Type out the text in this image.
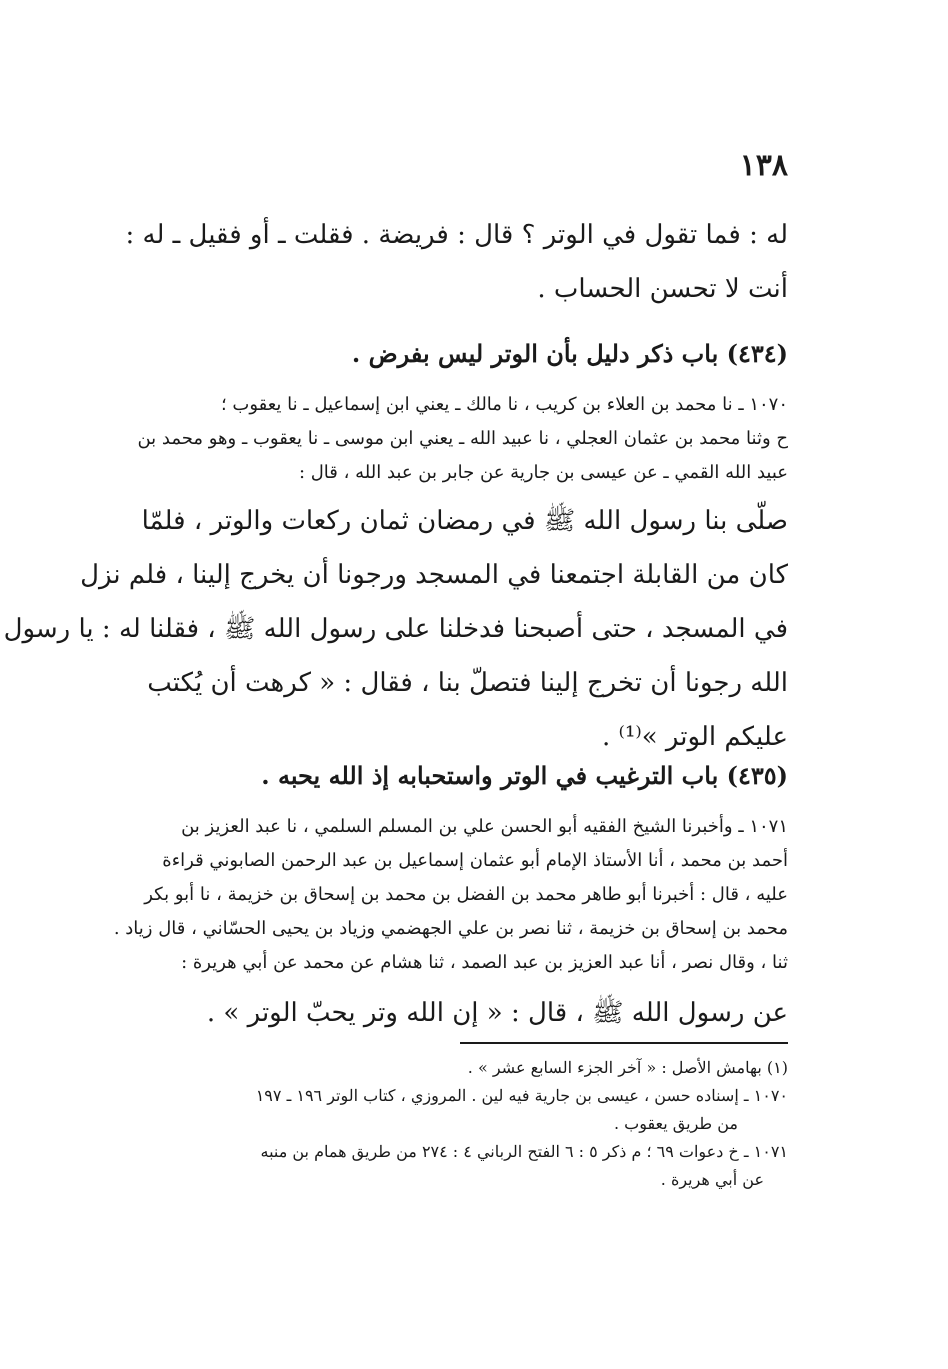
١٣٨
له : فما تقول في الوتر ؟ قال : فريضة . فقلت ـ أو فقيل ـ له :
أنت لا تحسن الحساب .
(٤٣٤) باب ذكر دليل بأن الوتر ليس بفرض .
١٠٧٠ ـ نا محمد بن العلاء بن كريب ، نا مالك ـ يعني ابن إسماعيل ـ نا يعقوب ؛
ح وثنا محمد بن عثمان العجلي ، نا عبيد الله ـ يعني ابن موسى ـ نا يعقوب ـ وهو محمد بن
عبيد الله القمي ـ عن عيسى بن جارية عن جابر بن عبد الله ، قال :
صلّى بنا رسول الله ﷺ في رمضان ثمان ركعات والوتر ، فلمّا
كان من القابلة اجتمعنا في المسجد ورجونا أن يخرج إلينا ، فلم نزل
في المسجد ، حتى أصبحنا فدخلنا على رسول الله ﷺ ، فقلنا له : يا رسول
الله رجونا أن تخرج إلينا فتصلّ بنا ، فقال : « كرهت أن يُكتب
عليكم الوتر »⁽¹⁾ .
(٤٣٥) باب الترغيب في الوتر واستحبابه إذ الله يحبه .
١٠٧١ ـ وأخبرنا الشيخ الفقيه أبو الحسن علي بن المسلم السلمي ، نا عبد العزيز بن
أحمد بن محمد ، أنا الأستاذ الإمام أبو عثمان إسماعيل بن عبد الرحمن الصابوني قراءة
عليه ، قال : أخبرنا أبو طاهر محمد بن الفضل بن محمد بن إسحاق بن خزيمة ، نا أبو بكر
محمد بن إسحاق بن خزيمة ، ثنا نصر بن علي الجهضمي وزياد بن يحيى الحسّاني ، قال زياد .
ثنا ، وقال نصر ، أنا عبد العزيز بن عبد الصمد ، ثنا هشام عن محمد عن أبي هريرة :
عن رسول الله ﷺ ، قال : « إن الله وتر يحبّ الوتر » .
(١) بهامش الأصل : « آخر الجزء السابع عشر » .
١٠٧٠ ـ إسناده حسن ، عيسى بن جارية فيه لين . المروزي ، كتاب الوتر ١٩٦ ـ ١٩٧
من طريق يعقوب .
١٠٧١ ـ خ دعوات ٦٩ ؛ م ذكر ٥ : ٦ الفتح الرباني ٤ : ٢٧٤ من طريق همام بن منبه
عن أبي هريرة .
